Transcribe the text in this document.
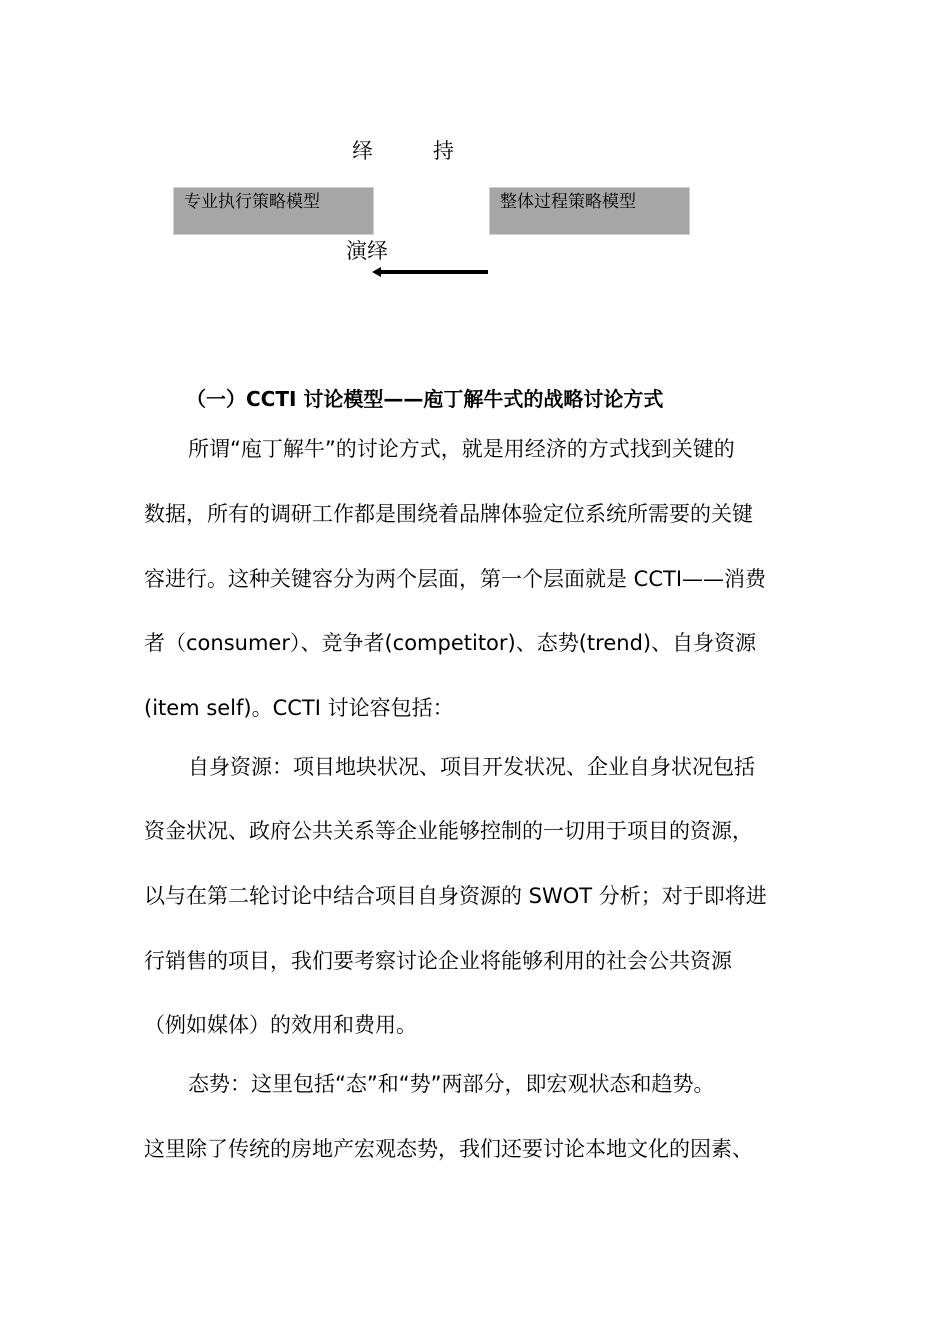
绎	持
专业执行策略模型	整体过程策略模型
演绎
（一）CCTI 讨论模型——庖丁解牛式的战略讨论方式
所谓“庖丁解牛”的讨论方式，就是用经济的方式找到关键的
数据，所有的调研工作都是围绕着品牌体验定位系统所需要的关键
容进行。这种关键容分为两个层面，第一个层面就是 CCTI——消费
者（consumer）、竞争者(competitor)、态势(trend)、自身资源
(item self)。CCTI 讨论容包括：
自身资源：项目地块状况、项目开发状况、企业自身状况包括
资金状况、政府公共关系等企业能够控制的一切用于项目的资源，
以与在第二轮讨论中结合项目自身资源的 SWOT 分析；对于即将进
行销售的项目，我们要考察讨论企业将能够利用的社会公共资源
（例如媒体）的效用和费用。
态势：这里包括“态”和“势”两部分，即宏观状态和趋势。
这里除了传统的房地产宏观态势，我们还要讨论本地文化的因素、
